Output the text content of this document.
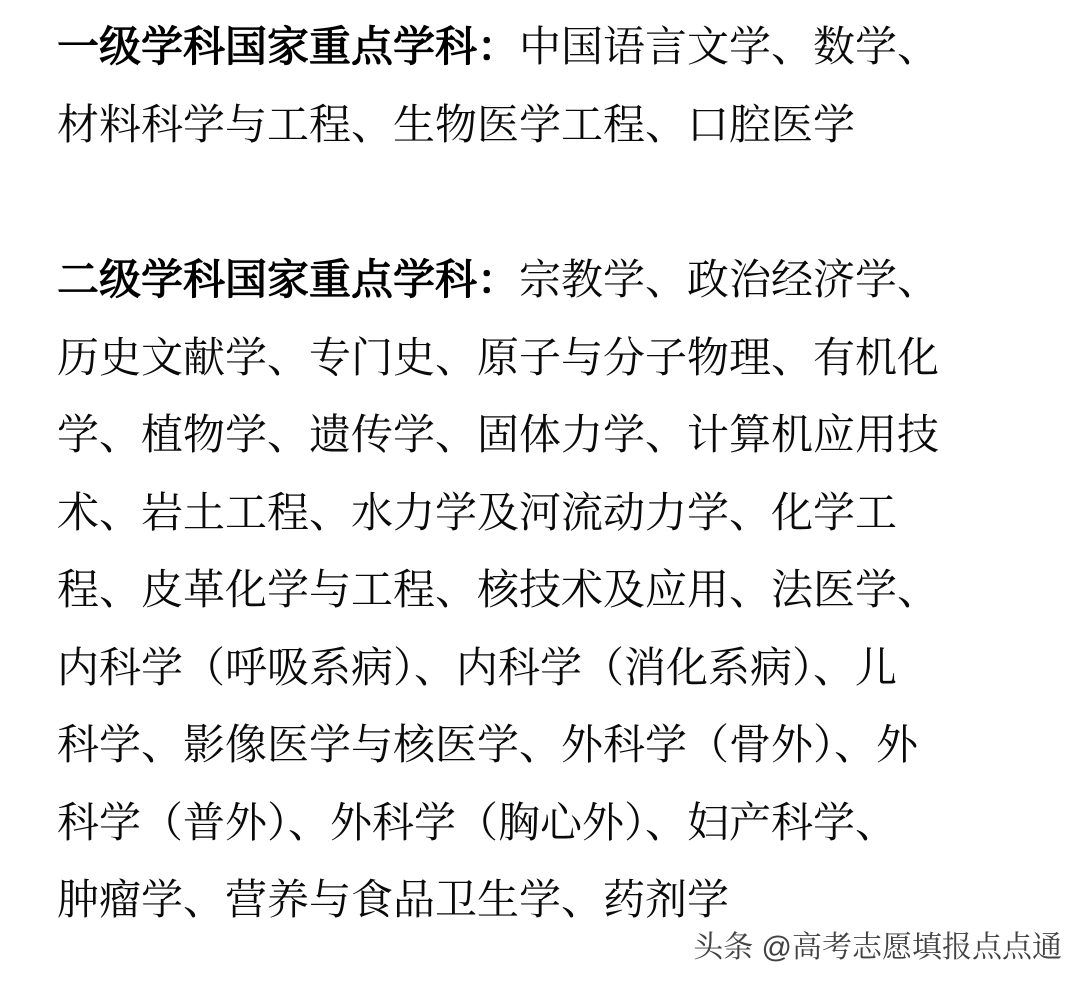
一级学科国家重点学科：中国语言文学、数学、
材料科学与工程、生物医学工程、口腔医学

二级学科国家重点学科：宗教学、政治经济学、
历史文献学、专门史、原子与分子物理、有机化
学、植物学、遗传学、固体力学、计算机应用技
术、岩土工程、水力学及河流动力学、化学工
程、皮革化学与工程、核技术及应用、法医学、
内科学（呼吸系病）、内科学（消化系病）、儿
科学、影像医学与核医学、外科学（骨外）、外
科学（普外）、外科学（胸心外）、妇产科学、
肿瘤学、营养与食品卫生学、药剂学

头条 @高考志愿填报点点通
